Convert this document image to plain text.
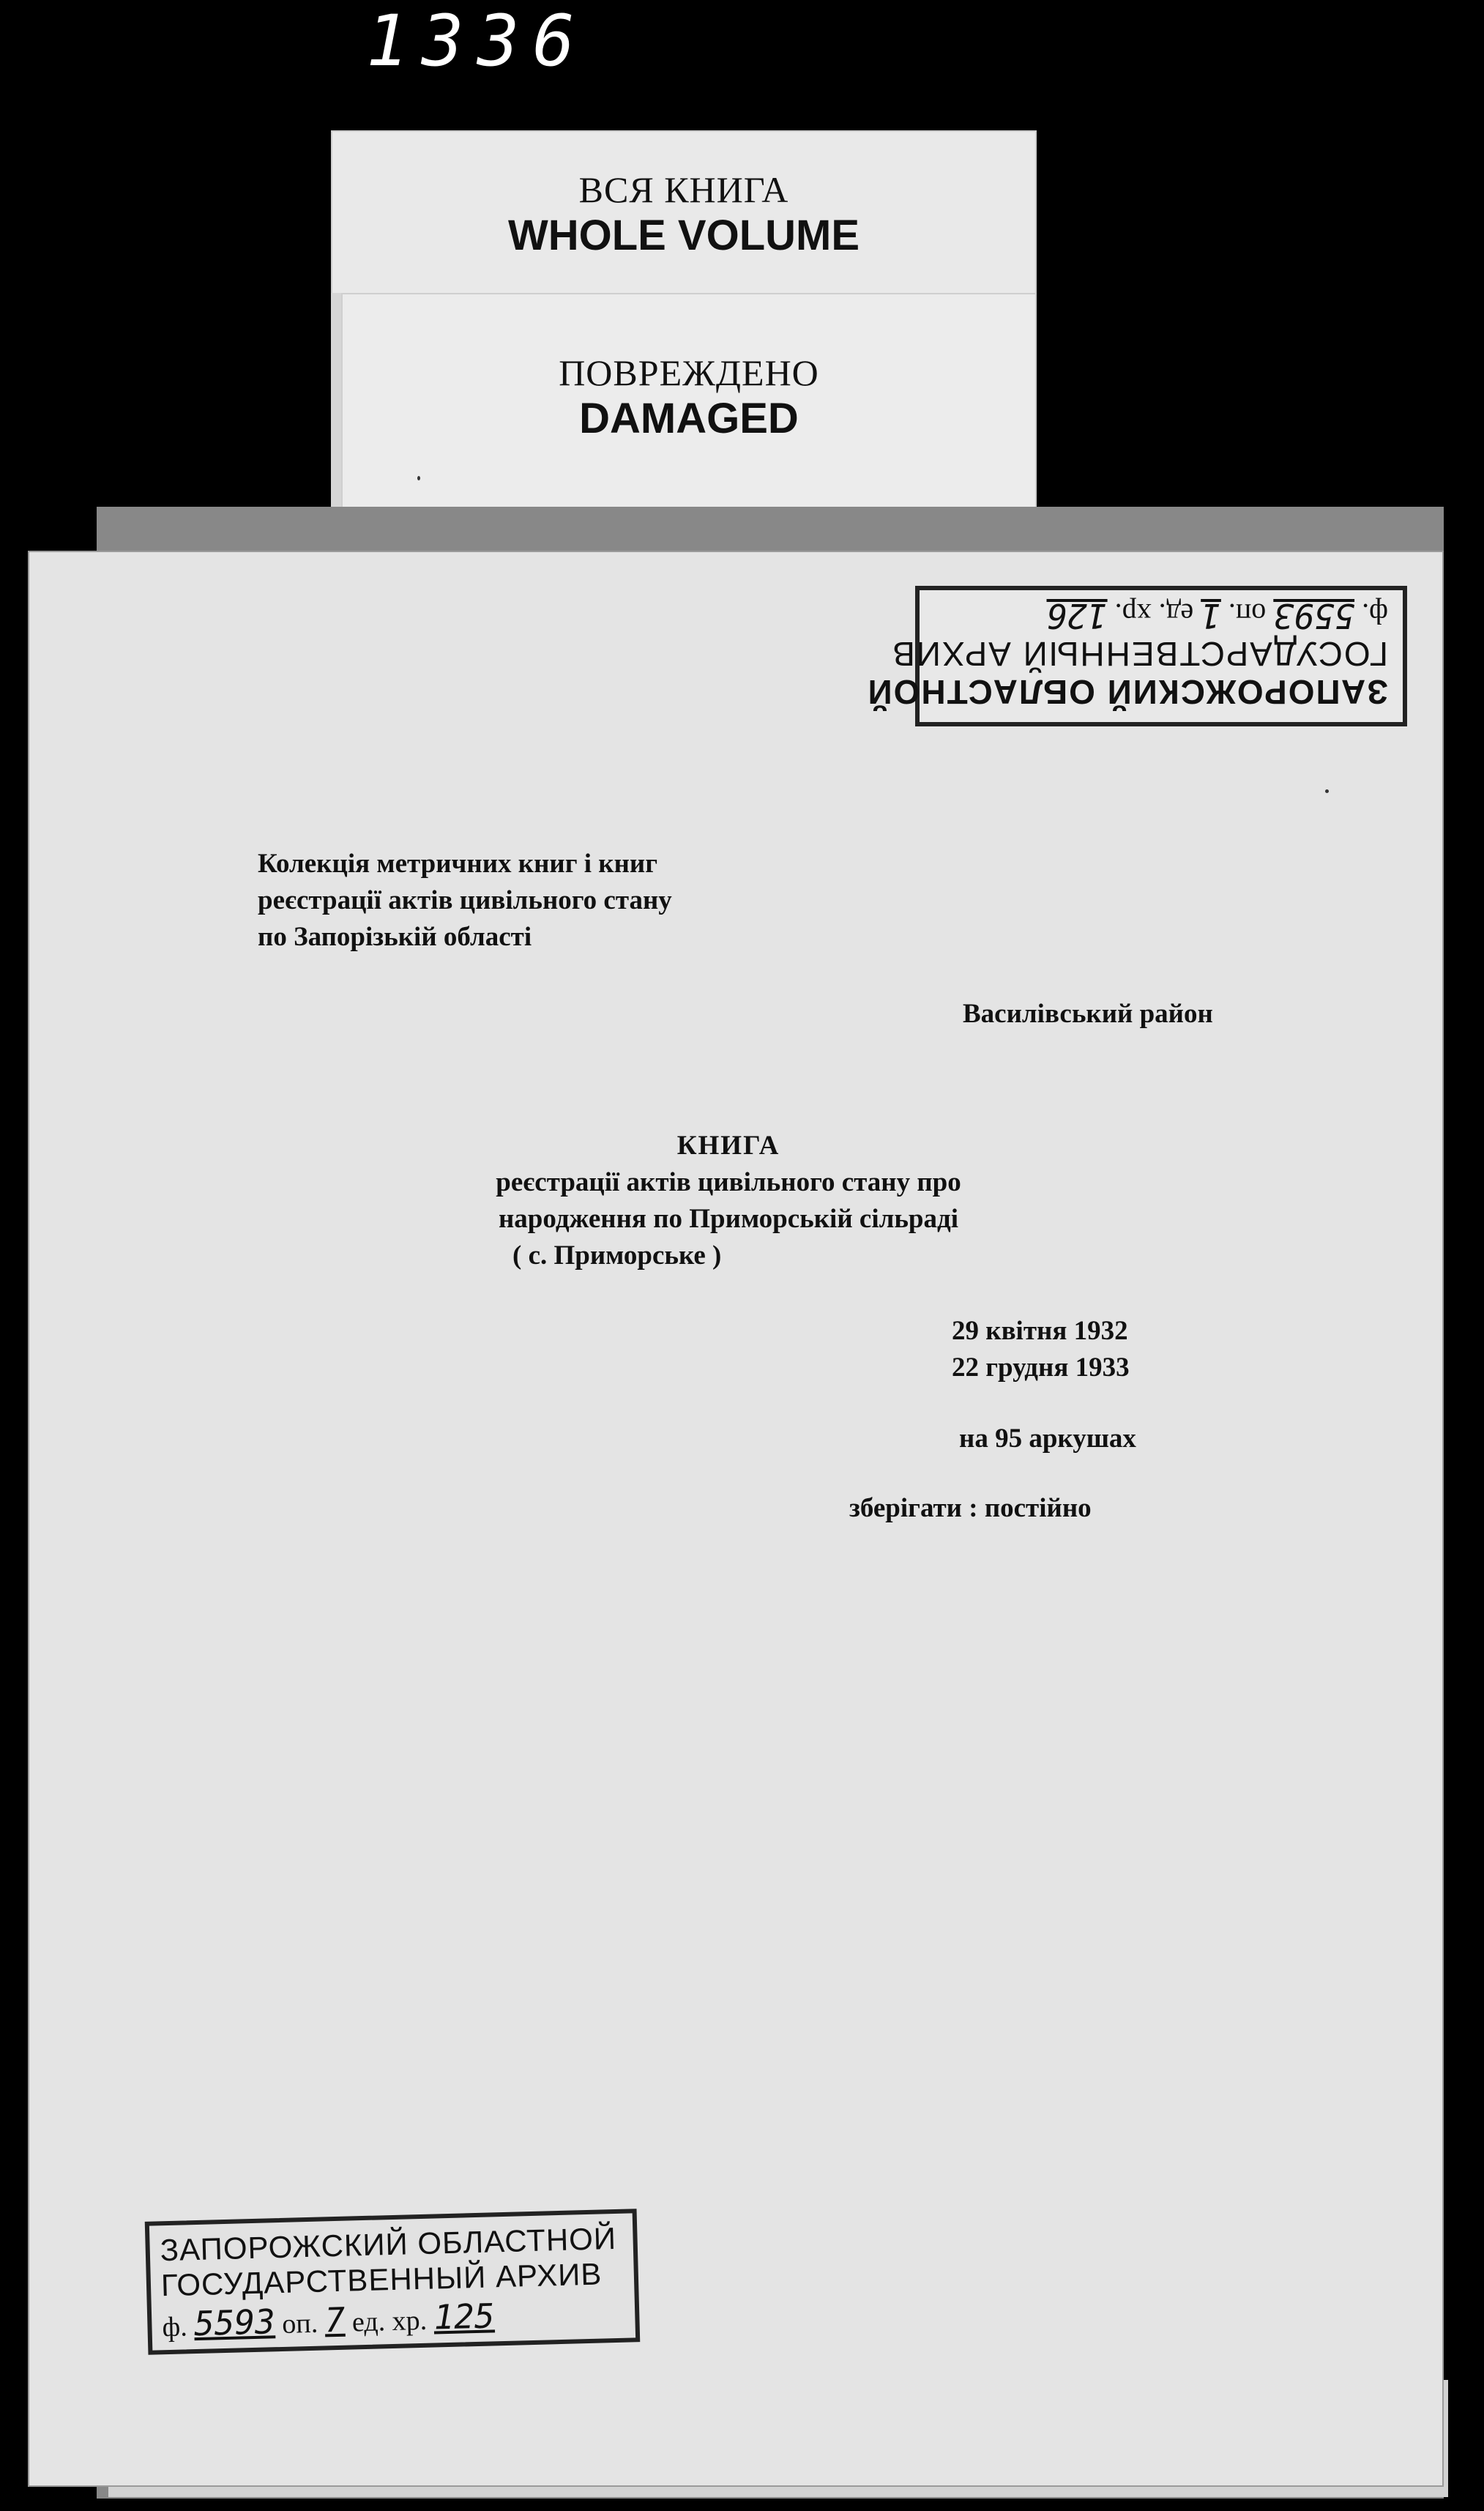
1336
ВСЯ КНИГА
WHOLE VOLUME
ПОВРЕЖДЕНО
DAMAGED
ЗАПОРОЖСКИЙ ОБЛАСТНОЙ
ГОСУДАРСТВЕННЫЙ АРХИВ
ф. 5593 оп. 1 ед. хр. 126
Колекція метричних книг і книг
реєстрації актів цивільного стану
по Запорізькій області
Василівський район
КНИГА
реєстрації актів цивільного стану про
народження по Приморській сільраді
( с. Приморське )
29 квітня 1932
22 грудня 1933
на 95 аркушах
зберігати : постійно
ЗАПОРОЖСКИЙ ОБЛАСТНОЙ
ГОСУДАРСТВЕННЫЙ АРХИВ
ф. 5593 оп. 7 ед. хр. 125
